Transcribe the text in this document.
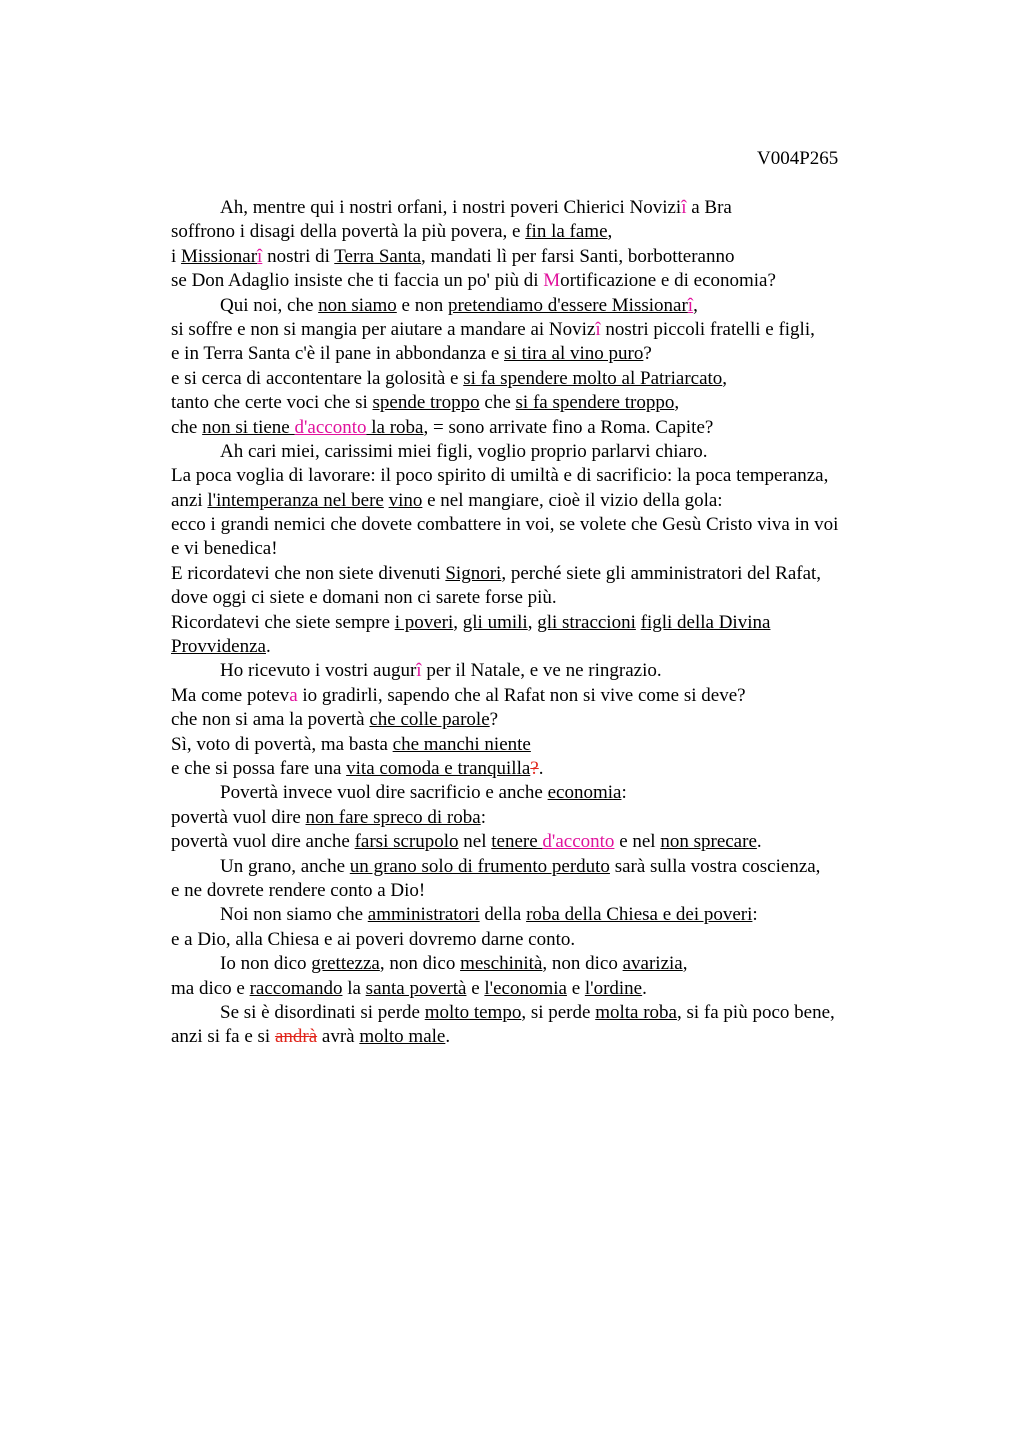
V004P265
Ah, mentre qui i nostri orfani, i nostri poveri Chierici Noviziî a Bra
soffrono i disagi della povertà la più povera, e fin la fame,
i Missionarî nostri di Terra Santa, mandati lì per farsi Santi, borbotteranno
se Don Adaglio insiste che ti faccia un po' più di Mortificazione e di economia?
Qui noi, che non siamo e non pretendiamo d'essere Missionarî,
si soffre e non si mangia per aiutare a mandare ai Novizî nostri piccoli fratelli e figli,
e in Terra Santa c'è il pane in abbondanza e si tira al vino puro?
e si cerca di accontentare la golosità e si fa spendere molto al Patriarcato,
tanto che certe voci che si spende troppo che si fa spendere troppo,
che non si tiene d'acconto la roba, = sono arrivate fino a Roma. Capite?
Ah cari miei, carissimi miei figli, voglio proprio parlarvi chiaro.
La poca voglia di lavorare: il poco spirito di umiltà e di sacrificio: la poca temperanza,
anzi l'intemperanza nel bere vino e nel mangiare, cioè il vizio della gola:
ecco i grandi nemici che dovete combattere in voi, se volete che Gesù Cristo viva in voi
e vi benedica!
E ricordatevi che non siete divenuti Signori, perché siete gli amministratori del Rafat,
dove oggi ci siete e domani non ci sarete forse più.
Ricordatevi che siete sempre i poveri, gli umili, gli straccioni figli della Divina
Provvidenza.
Ho ricevuto i vostri augurî per il Natale, e ve ne ringrazio.
Ma come poteva io gradirli, sapendo che al Rafat non si vive come si deve?
che non si ama la povertà che colle parole?
Sì, voto di povertà, ma basta che manchi niente
e che si possa fare una vita comoda e tranquilla?.
Povertà invece vuol dire sacrificio e anche economia:
povertà vuol dire non fare spreco di roba:
povertà vuol dire anche farsi scrupolo nel tenere d'acconto e nel non sprecare.
Un grano, anche un grano solo di frumento perduto sarà sulla vostra coscienza,
e ne dovrete rendere conto a Dio!
Noi non siamo che amministratori della roba della Chiesa e dei poveri:
e a Dio, alla Chiesa e ai poveri dovremo darne conto.
Io non dico grettezza, non dico meschinità, non dico avarizia,
ma dico e raccomando la santa povertà e l'economia e l'ordine.
Se si è disordinati si perde molto tempo, si perde molta roba, si fa più poco bene,
anzi si fa e si andrà avrà molto male.
